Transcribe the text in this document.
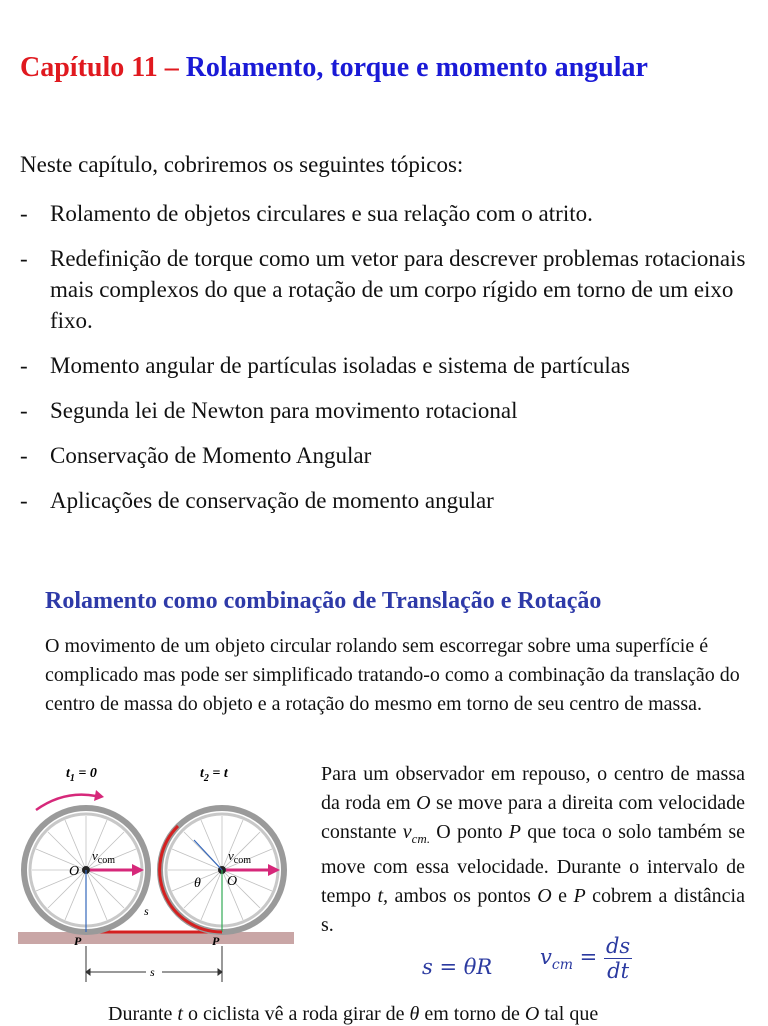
Capítulo 11 – Rolamento, torque e momento angular
Neste capítulo, cobriremos os seguintes tópicos:
- Rolamento de objetos circulares e sua relação com o atrito.
- Redefinição de torque como um vetor para descrever problemas rotacionais mais complexos do que a rotação de um corpo rígido em torno de um eixo fixo.
- Momento angular de partículas isoladas e sistema de partículas
- Segunda lei de Newton para movimento rotacional
- Conservação de Momento Angular
- Aplicações de conservação de momento angular
Rolamento como combinação de Translação e Rotação
O movimento de um objeto circular rolando sem escorregar sobre uma superfície é complicado mas pode ser simplificado tratando-o como a combinação da translação do centro de massa do objeto e a rotação do mesmo em torno de seu centro de massa.
$t_1 = 0$	$t_2 = t$
$v_{com}$	$v_{com}$
O
O
θ
P	P
s
s
Para um observador em repouso, o centro de massa da roda em O se move para a direita com velocidade constante $v_{cm.}$ O ponto P que toca o solo também se move com essa velocidade. Durante o intervalo de tempo t, ambos os pontos O e P cobrem a distância s.
s = θR $v_{cm} = \frac{ds}{dt}$
Durante t o ciclista vê a roda girar de θ em torno de O tal que
